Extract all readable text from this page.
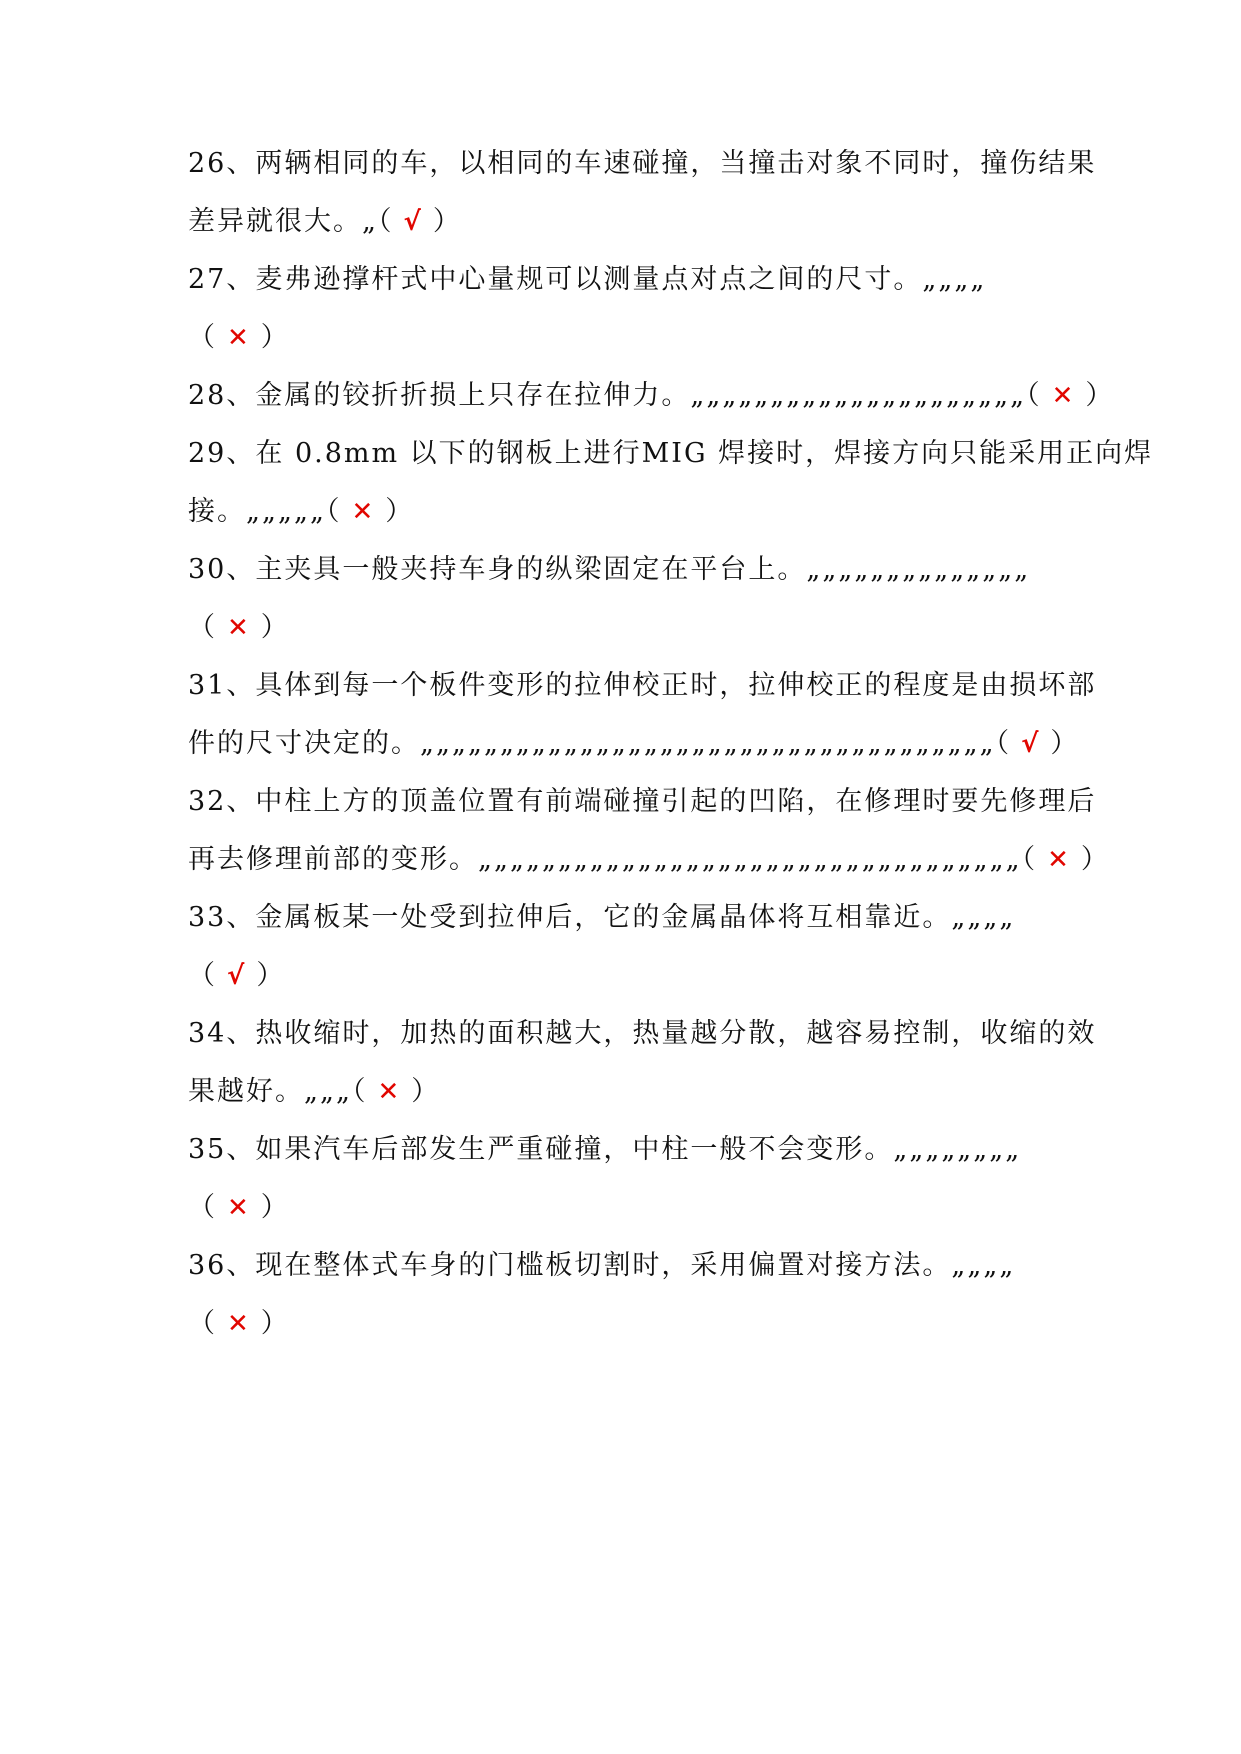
26、两辆相同的车，以相同的车速碰撞，当撞击对象不同时，撞伤结果
差异就很大。„（ √ ）
27、麦弗逊撑杆式中心量规可以测量点对点之间的尺寸。„„„„
（ ✕ ）
28、金属的铰折折损上只存在拉伸力。„„„„„„„„„„„„„„„„„„„„„（ ✕ ）
29、在 0.8mm 以下的钢板上进行MIG 焊接时，焊接方向只能采用正向焊
接。„„„„„（ ✕ ）
30、主夹具一般夹持车身的纵梁固定在平台上。„„„„„„„„„„„„„„
（ ✕ ）
31、具体到每一个板件变形的拉伸校正时，拉伸校正的程度是由损坏部
件的尺寸决定的。„„„„„„„„„„„„„„„„„„„„„„„„„„„„„„„„„„„„（ √ ）
32、中柱上方的顶盖位置有前端碰撞引起的凹陷，在修理时要先修理后
再去修理前部的变形。„„„„„„„„„„„„„„„„„„„„„„„„„„„„„„„„„„（ ✕ ）
33、金属板某一处受到拉伸后，它的金属晶体将互相靠近。„„„„
（ √ ）
34、热收缩时，加热的面积越大，热量越分散，越容易控制，收缩的效
果越好。„„„（ ✕ ）
35、如果汽车后部发生严重碰撞，中柱一般不会变形。„„„„„„„„
（ ✕ ）
36、现在整体式车身的门槛板切割时，采用偏置对接方法。„„„„
（ ✕ ）
